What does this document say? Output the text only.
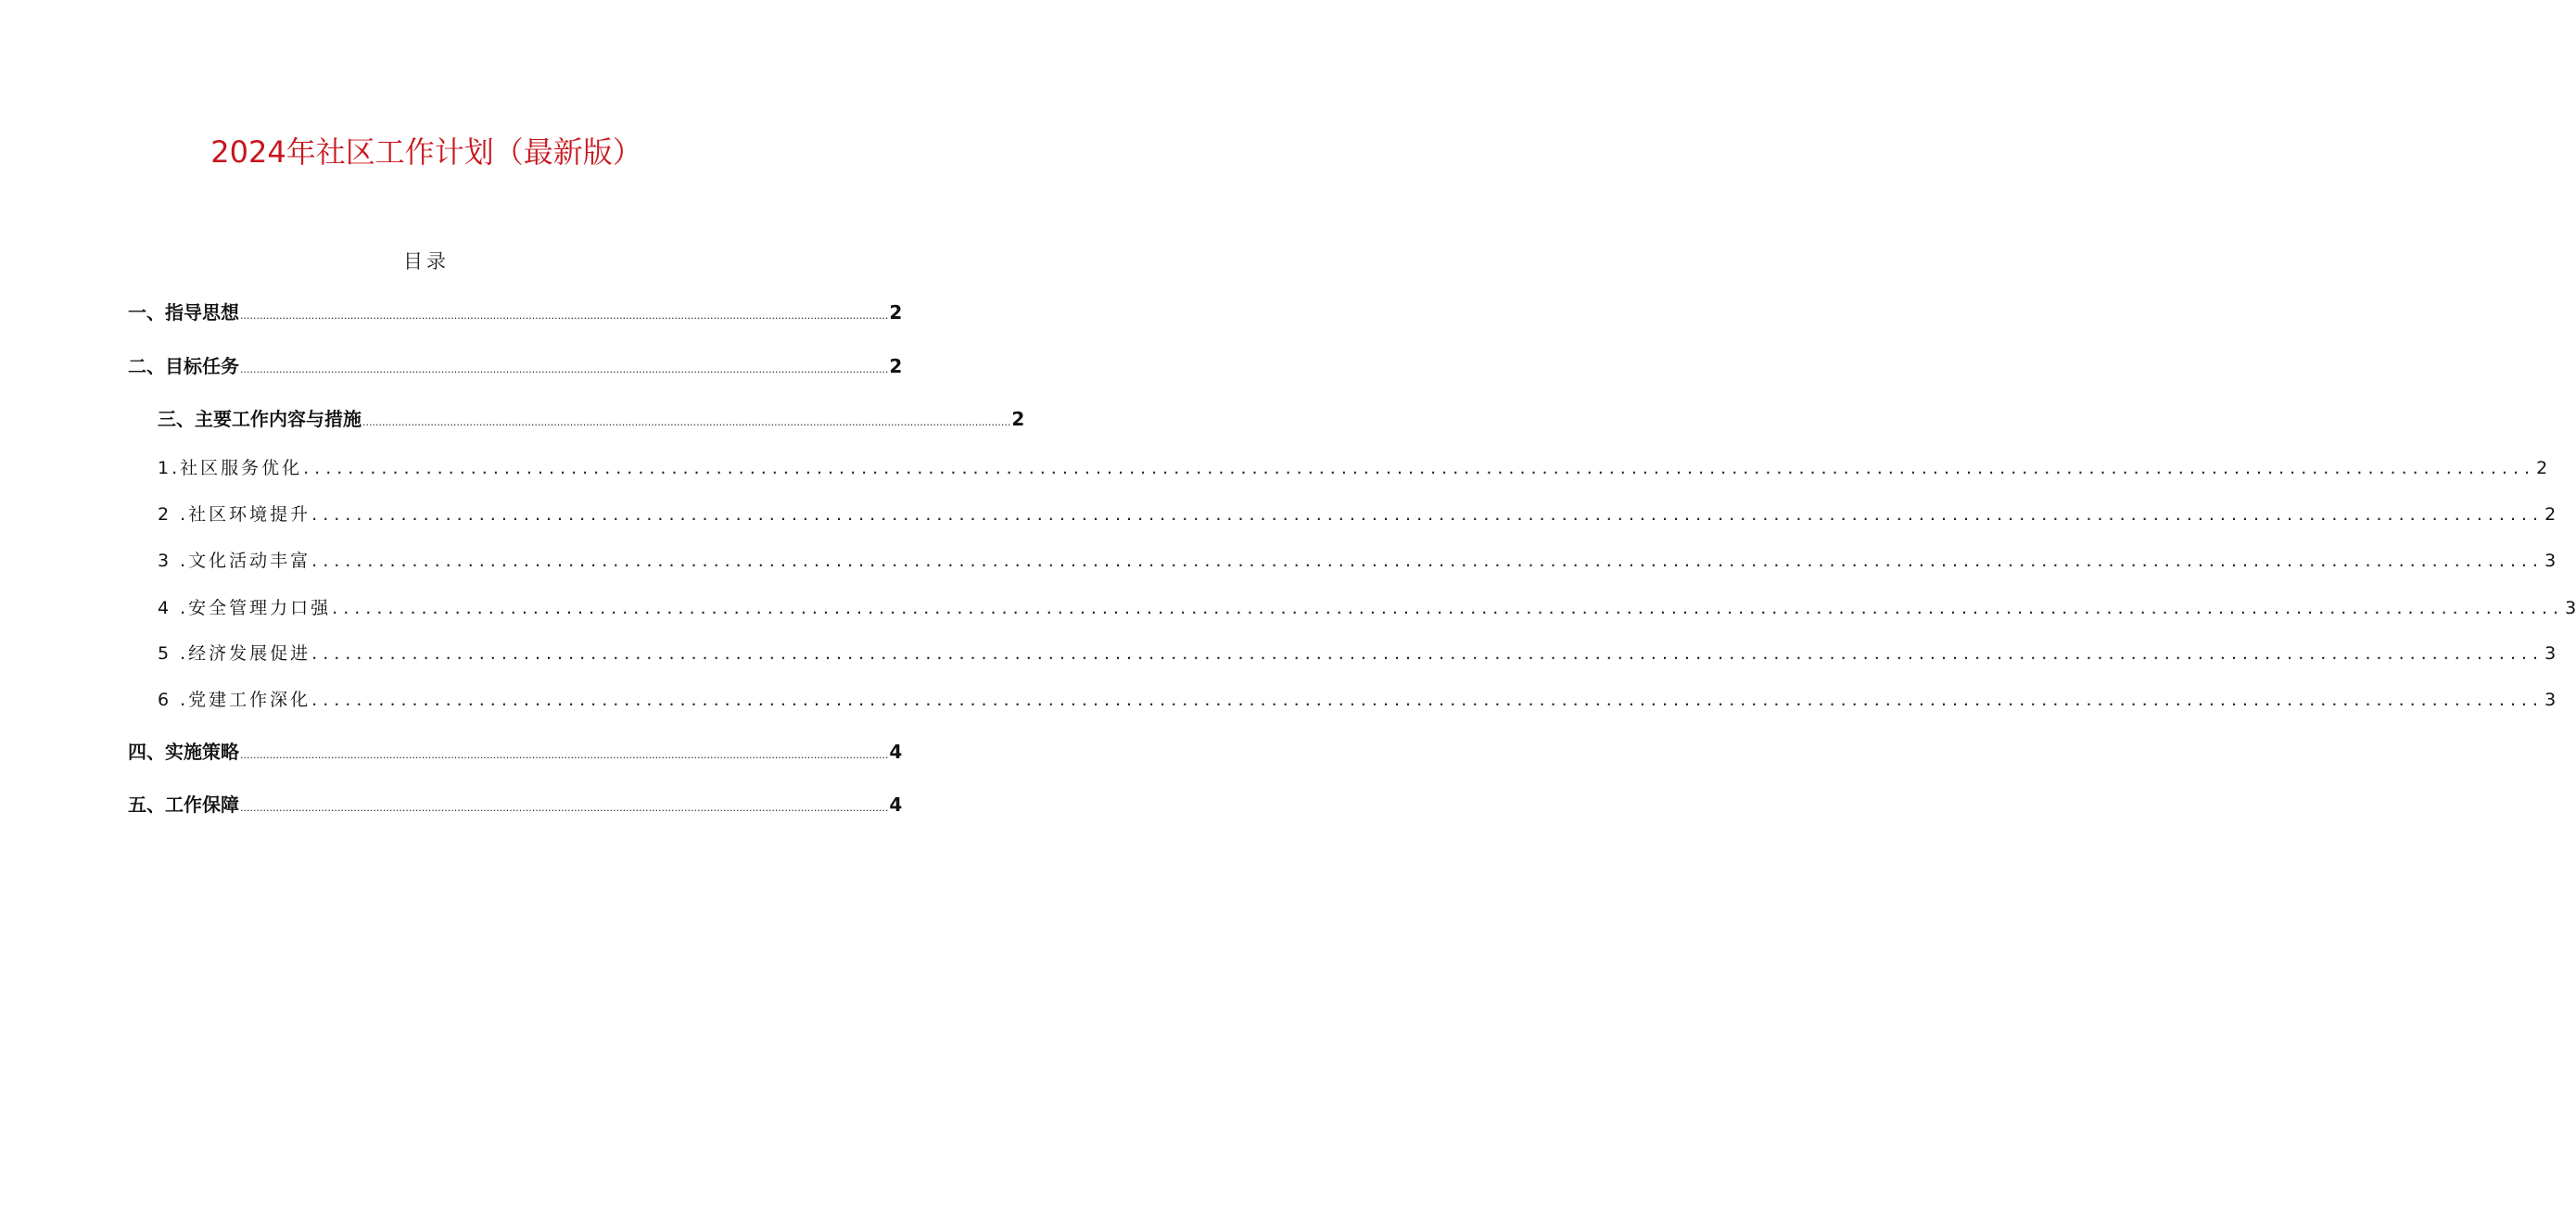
2024年社区工作计划（最新版）
目录
一、指导思想 ........................................................................................................................................................................................................ 2
二、目标任务 ........................................................................................................................................................................................................ 2
三、主要工作内容与措施 ........................................................................................................................................................................................................ 2
1.社区服务优化 ........................................................................................................................................................................................................ 2
2 .社区环境提升 ........................................................................................................................................................................................................ 2
3 .文化活动丰富 ........................................................................................................................................................................................................ 3
4 .安全管理力口强 ........................................................................................................................................................................................................ 3
5 .经济发展促进 ........................................................................................................................................................................................................ 3
6 .党建工作深化 ........................................................................................................................................................................................................ 3
四、实施策略 ........................................................................................................................................................................................................ 4
五、工作保障 ........................................................................................................................................................................................................ 4
